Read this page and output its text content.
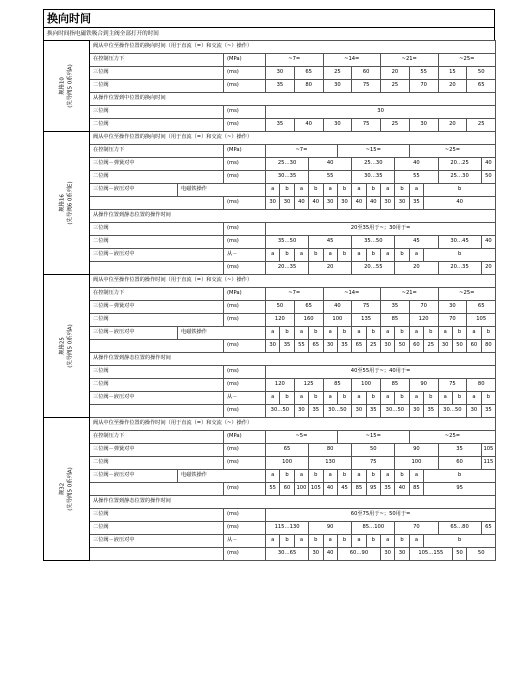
换向时间
换向时间指电磁铁吸合到主阀全部打开的时间
规格10 (先导阀5 0系列A)	阀从中位至操作位置的换向时间（用于直流（=）和交流（~）操作）																		
	在控制压力下		(MPa)	~7=				~14=				~21=				~25=			
	三位阀		(ms)	30		65		25		60		20		55		15		50	
	二位阀		(ms)	35		80		30		75		25		70		20		65	
	从操作位置到中位置的换向时间																		
	三位阀		(ms)	30															
	二位阀		(ms)	35		40		30		75		25		30		20		25	

规格16 (先导阀6 0系列E)	阀从中位至操作位置的换向时间（用于直流（=）和交流（~）操作）																		
	在控制压力下		(MPa)	~7=					~15=					~25=					
	三位阀－弹簧对中		(ms)	25…30			40			25…30			40			20…25			40
	二位阀		(ms)	30…35			55			30…35			55			25…30			50
	三位阀－液压对中	电磁铁操作		a	b	a	b	a	b	a	b	a	b	a	b				
			(ms)	30	30	40	40	30	30	40	40	30	30	35	40				
	从操作位置到静态位置的操作时间																		
	三位阀		(ms)	20至35用于~；30用于=															
	二位阀		(ms)	35…50			45			35…50			45			30…45			40
	三位阀－液压对中		从－	a	b	a	b	a	b	a	b	a	b	a	b				
			(ms)	20…35			20			20…55			20			20…35			20

规格25 (先导阀5 0系列A)	阀从中位至操作位置的操作时间（用于直流（=）和交流（~）操作）																		
	在控制压力下		(MPa)	~7=				~14=				~21=				~25=			
	三位阀－弹簧对中		(ms)	50		65		40		75		35		70		30		65	
	二位阀		(ms)	120		160		100		135		85		120		70		105	
	三位阀－液压对中	电磁铁操作		a	b	a	b	a	b	a	b	a	b	a	b	a	b	a	b
			(ms)	30	35	55	65	30	35	65	25	30	50	60	25	30	50	60	80
	从操作位置到静态位置的操作时间																		
	三位阀		(ms)	40至55用于~；40用于=															
	二位阀		(ms)	120		125		85		100		85		90		75		80	
	三位阀－液压对中		从－	a	b	a	b	a	b	a	b	a	b	a	b	a	b	a	b
			(ms)	30…50		30	35	30…50		30	35	30…50		30	35	30…50		30	35

规32 (先导阀5 0系列A)	阀从中位至操作位置的操作时间（用于直流（=）和交流（~）操作）																		
	在控制压力下		(MPa)	~5=					~15=					~25=					
	三位阀－弹簧对中		(ms)	65			80			50			90			35			105
	二位阀		(ms)	100			130			75			100			60			115
	三位阀－液压对中	电磁铁操作		a	b	a	b	a	b	a	b	a	b	a	b				
			(ms)	55	60	100	105	40	45	85	95	35	40	85	95				
	从操作位置到静态位置的操作时间																		
	三位阀		(ms)	60至75用于~；50用于=															
	二位阀		(ms)	115…130			90			85…100			70			65…80			65
	三位阀－液压对中		从－	a	b	a	b	a	b	a	b	a	b	a	b				
			(ms)	30…65			30	40	60…90			30	30	105…155			50	50	
